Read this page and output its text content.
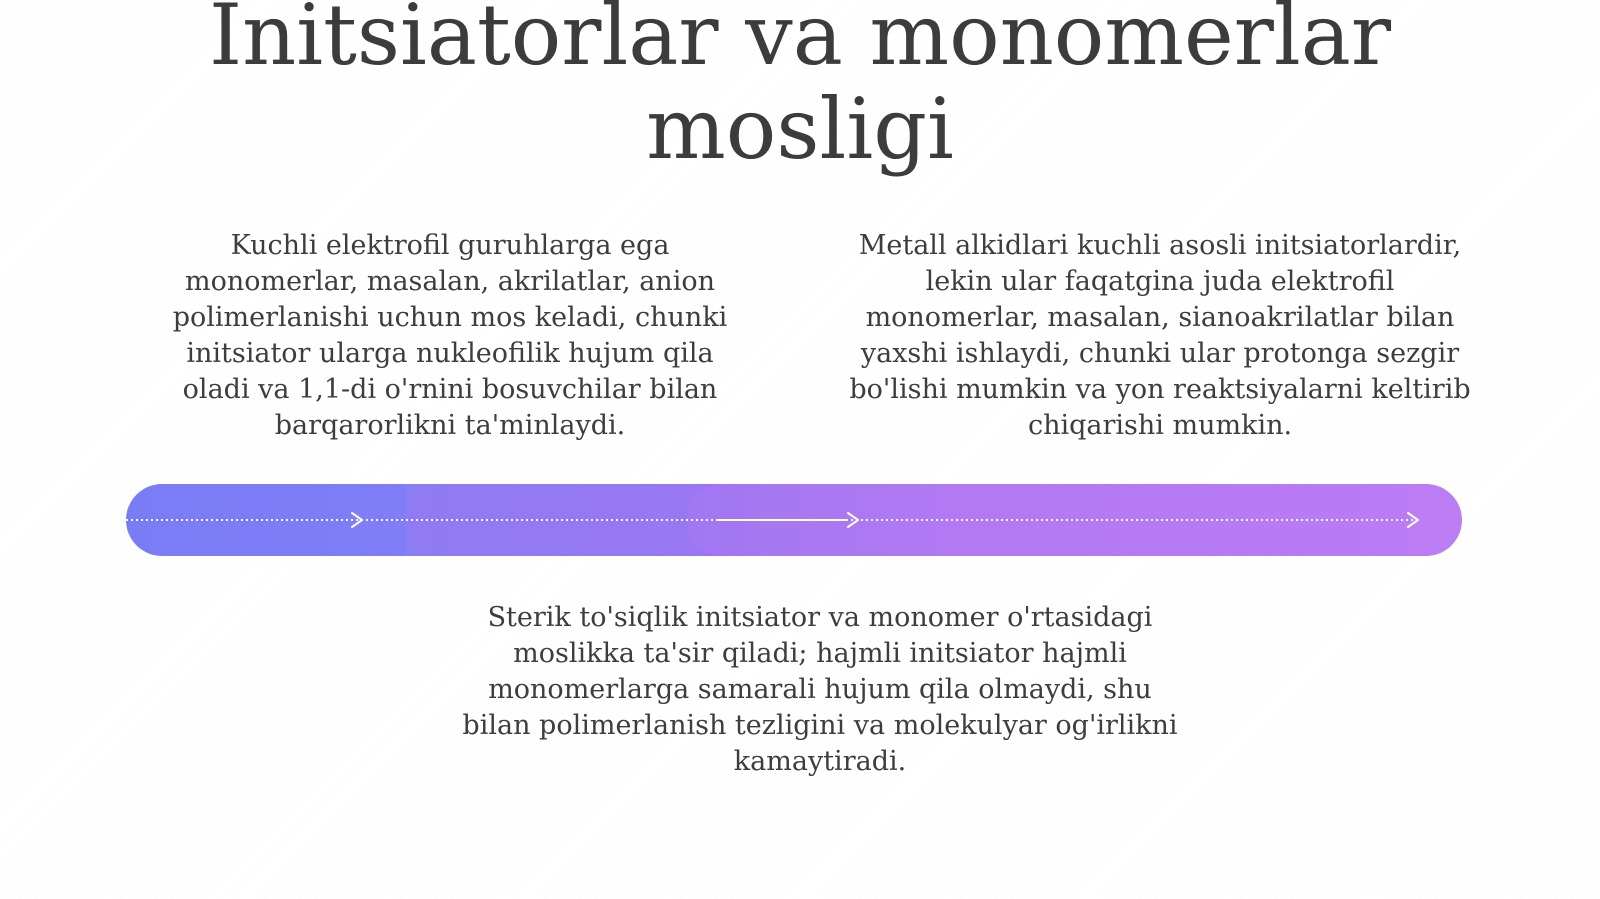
Initsiatorlar va monomerlar mosligi

Kuchli elektrofil guruhlarga ega monomerlar, masalan, akrilatlar, anion polimerlanishi uchun mos keladi, chunki initsiator ularga nukleofilik hujum qila oladi va 1,1-di o'rnini bosuvchilar bilan barqarorlikni ta'minlaydi.

Metall alkidlari kuchli asosli initsiatorlardir, lekin ular faqatgina juda elektrofil monomerlar, masalan, sianoakrilatlar bilan yaxshi ishlaydi, chunki ular protonga sezgir bo'lishi mumkin va yon reaktsiyalarni keltirib chiqarishi mumkin.

Sterik to'siqlik initsiator va monomer o'rtasidagi moslikka ta'sir qiladi; hajmli initsiator hajmli monomerlarga samarali hujum qila olmaydi, shu bilan polimerlanish tezligini va molekulyar og'irlikni kamaytiradi.
